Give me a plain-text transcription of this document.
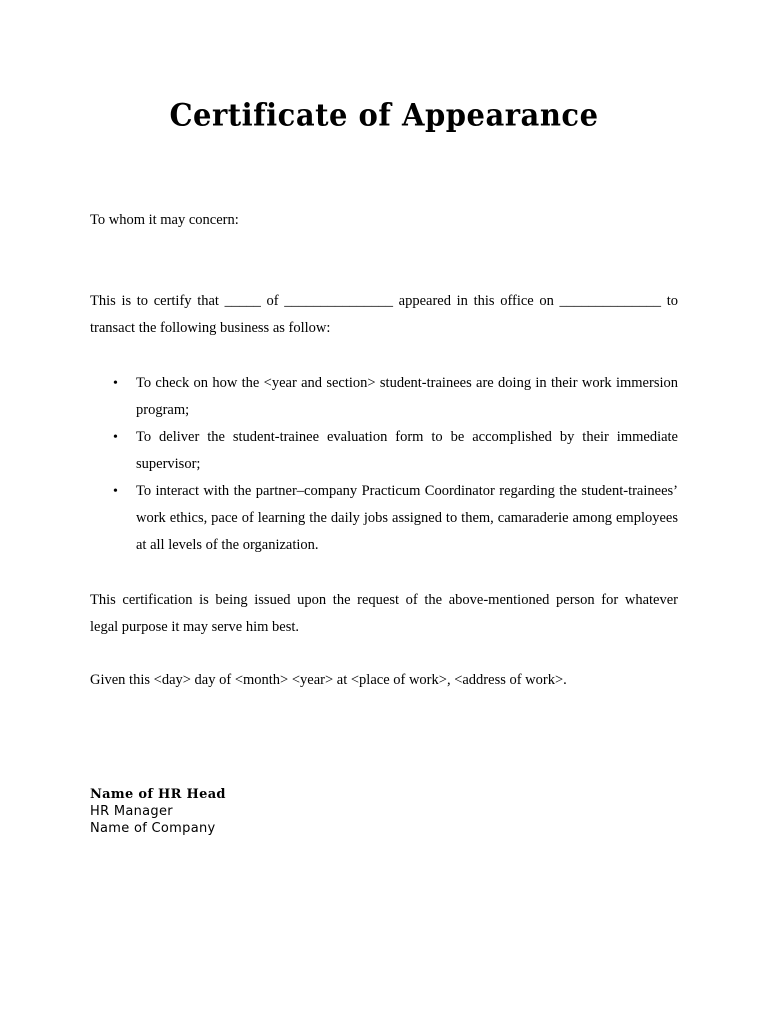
Certificate of Appearance
To whom it may concern:
This is to certify that _____ of _______________ appeared in this office on ______________ to
transact the following business as follow:
• To check on how the <year and section> student-trainees are doing in their work immersion program;
• To deliver the student-trainee evaluation form to be accomplished by their immediate supervisor;
• To interact with the partner–company Practicum Coordinator regarding the student-trainees’ work ethics, pace of learning the daily jobs assigned to them, camaraderie among employees at all levels of the organization.
This certification is being issued upon the request of the above-mentioned person for whatever
legal purpose it may serve him best.
Given this <day> day of <month> <year> at <place of work>, <address of work>.
Name of HR Head
HR Manager
Name of Company
